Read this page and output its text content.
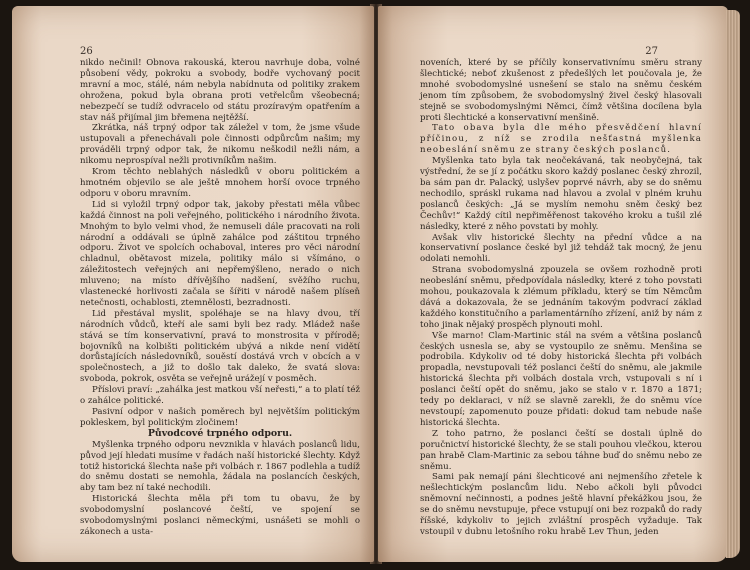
26

nikdo nečinil! Obnova rakouská, kterou navrhuje doba, volné působení vědy, pokroku a svobody, bodře vychovaný pocit mravní a moc, stálé, nám nebyla nabídnuta od politiky zrakem ohrožena, pokud byla obrana proti vetřelcům všeobecná; nebezpečí se tudíž odvracelo od státu prozíravým opatřením a stav náš přijímal jim břemena nejtěžší.

Zkrátka, náš trpný odpor tak záležel v tom, že jsme všude ustupovali a přenechávali pole činnosti odpůrcům našim; my prováděli trpný odpor tak, že nikomu neškodil nežli nám, a nikomu neprospíval nežli protivníkům našim.

Krom těchto neblahých následků v oboru politickém a hmotném objevilo se ale ještě mnohem horší ovoce trpného odporu v oboru mravním.

Lid si vyložil trpný odpor tak, jakoby přestati měla vůbec každá činnost na poli veřejného, politického i národního života. Mnohým to bylo velmi vhod, že nemuseli dále pracovati na roli národní a oddávali se úplně zahálce pod záštitou trpného odporu. Život ve spolcích ochaboval, interes pro věci národní chladnul, obětavost mizela, politiky málo si všímáno, o záležitostech veřejných ani nepřemýšleno, nerado o nich mluveno; na místo dřívějšího nadšení, svěžího ruchu, vlastenecké horlivosti začala se šířiti v národě našem plíseň netečnosti, ochablosti, ztemnělosti, bezradnosti.

Lid přestával myslit, spoléhaje se na hlavy dvou, tří národních vůdců, kteří ale sami byli bez rady. Mládež naše stává se tím konservativní, pravá to monstrosita v přírodě; bojovníků na kolbišti politickém ubývá a nikde není vidětí dorůstajících následovníků, souěstí dostává vrch v obcích a v společnostech, a již to došlo tak daleko, že svatá slova: svoboda, pokrok, osvěta se veřejně urážejí v posměch.

Příslovi praví: „zahálka jest matkou vší neřesti,“ a to platí též o zahálce politické.

Pasivní odpor v našich poměrech byl největším politickým pokleskem, byl politickým zločinem!

Původcové trpného odporu.

Myšlenka trpného odporu nevznikla v hlavách poslanců lidu, původ její hledati musíme v řadách naší historické šlechty. Když totiž historická šlechta naše při volbách r. 1867 podlehla a tudíž do sněmu dostati se nemohla, žádala na poslancích českých, aby tam bez ní také nechodili.

Historická šlechta měla při tom tu obavu, že by svobodomyslní poslancové čeští, ve spojení se svobodomyslnými poslanci německými, usnášeti se mohli o zákonech a usta-

27

noveních, které by se příčily konservativnímu směru strany šlechtické; neboť zkušenost z předešlých let poučovala je, že mnohé svobodomyslné usnešení se stalo na sněmu českém jenom tím způsobem, že svobodomyslný živel český hlasovali stejně se svobodomyslnými Němci, čímž většina docílena byla proti šlechtické a konservativní menšině.

Tato obava byla dle mého přesvědčení hlavní příčinou, z níž se zrodila nešťastná myšlenka neobeslání sněmu ze strany českých poslanců.

Myšlenka tato byla tak neočekávaná, tak neobyčejná, tak výstřední, že se jí z počátku skoro každý poslanec český zhrozil, ba sám pan dr. Palacký, uslyšev poprvé návrh, aby se do sněmu nechodilo, spráskl rukama nad hlavou a zvolal v plném kruhu poslanců českých: „Já se myslím nemohu sněm český bez Čechův!“ Každý cítil nepřiměřenost takového kroku a tušil zlé následky, které z něho povstati by mohly.

Avšak vliv historické šlechty na přední vůdce a na konservativní poslance české byl již tehdáž tak mocný, že jenu odolati nemohli.

Strana svobodomyslná zpouzela se ovšem rozhodně proti neobeslání sněmu, předpovídala následky, které z toho povstati mohou, poukazovala k zlémum příkladu, který se tím Němcům dává a dokazovala, že se jednáním takovým podvrací základ každého konstitučního a parlamentárního zřízení, aniž by nám z toho jinak nějaký prospěch plynouti mohl.

Vše marno! Clam-Martinic stál na svém a většina poslanců českých usnesla se, aby se vystoupilo ze sněmu. Menšina se podrobila. Kdykoliv od té doby historická šlechta při volbách propadla, nevstupovali též poslanci čeští do sněmu, ale jakmile historická šlechta při volbách dostala vrch, vstupovali s ní i poslanci čeští opět do sněmu, jako se stalo v r. 1870 a 1871; tedy po deklaraci, v níž se slavně zarekli, že do sněmu více nevstoupí; zapomenuto pouze přidati: dokud tam nebude naše historická šlechta.

Z toho patrno, že poslanci čeští se dostali úplně do poručnictví historické šlechty, že se stali pouhou vlečkou, kterou pan hrabě Clam-Martinic za sebou táhne buď do sněmu nebo ze sněmu.

Sami pak nemají páni šlechticové ani nejmenšího zřetele k nešlechtickým poslancům lidu. Nebo ačkoli byli původci sněmovní nečinnosti, a podnes ještě hlavní překážkou jsou, že se do sněmu nevstupuje, přece vstupují oni bez rozpaků do rady říšské, kdykoliv to jejich zvláštní prospěch vyžaduje. Tak vstoupil v dubnu letošního roku hrabě Lev Thun, jeden
